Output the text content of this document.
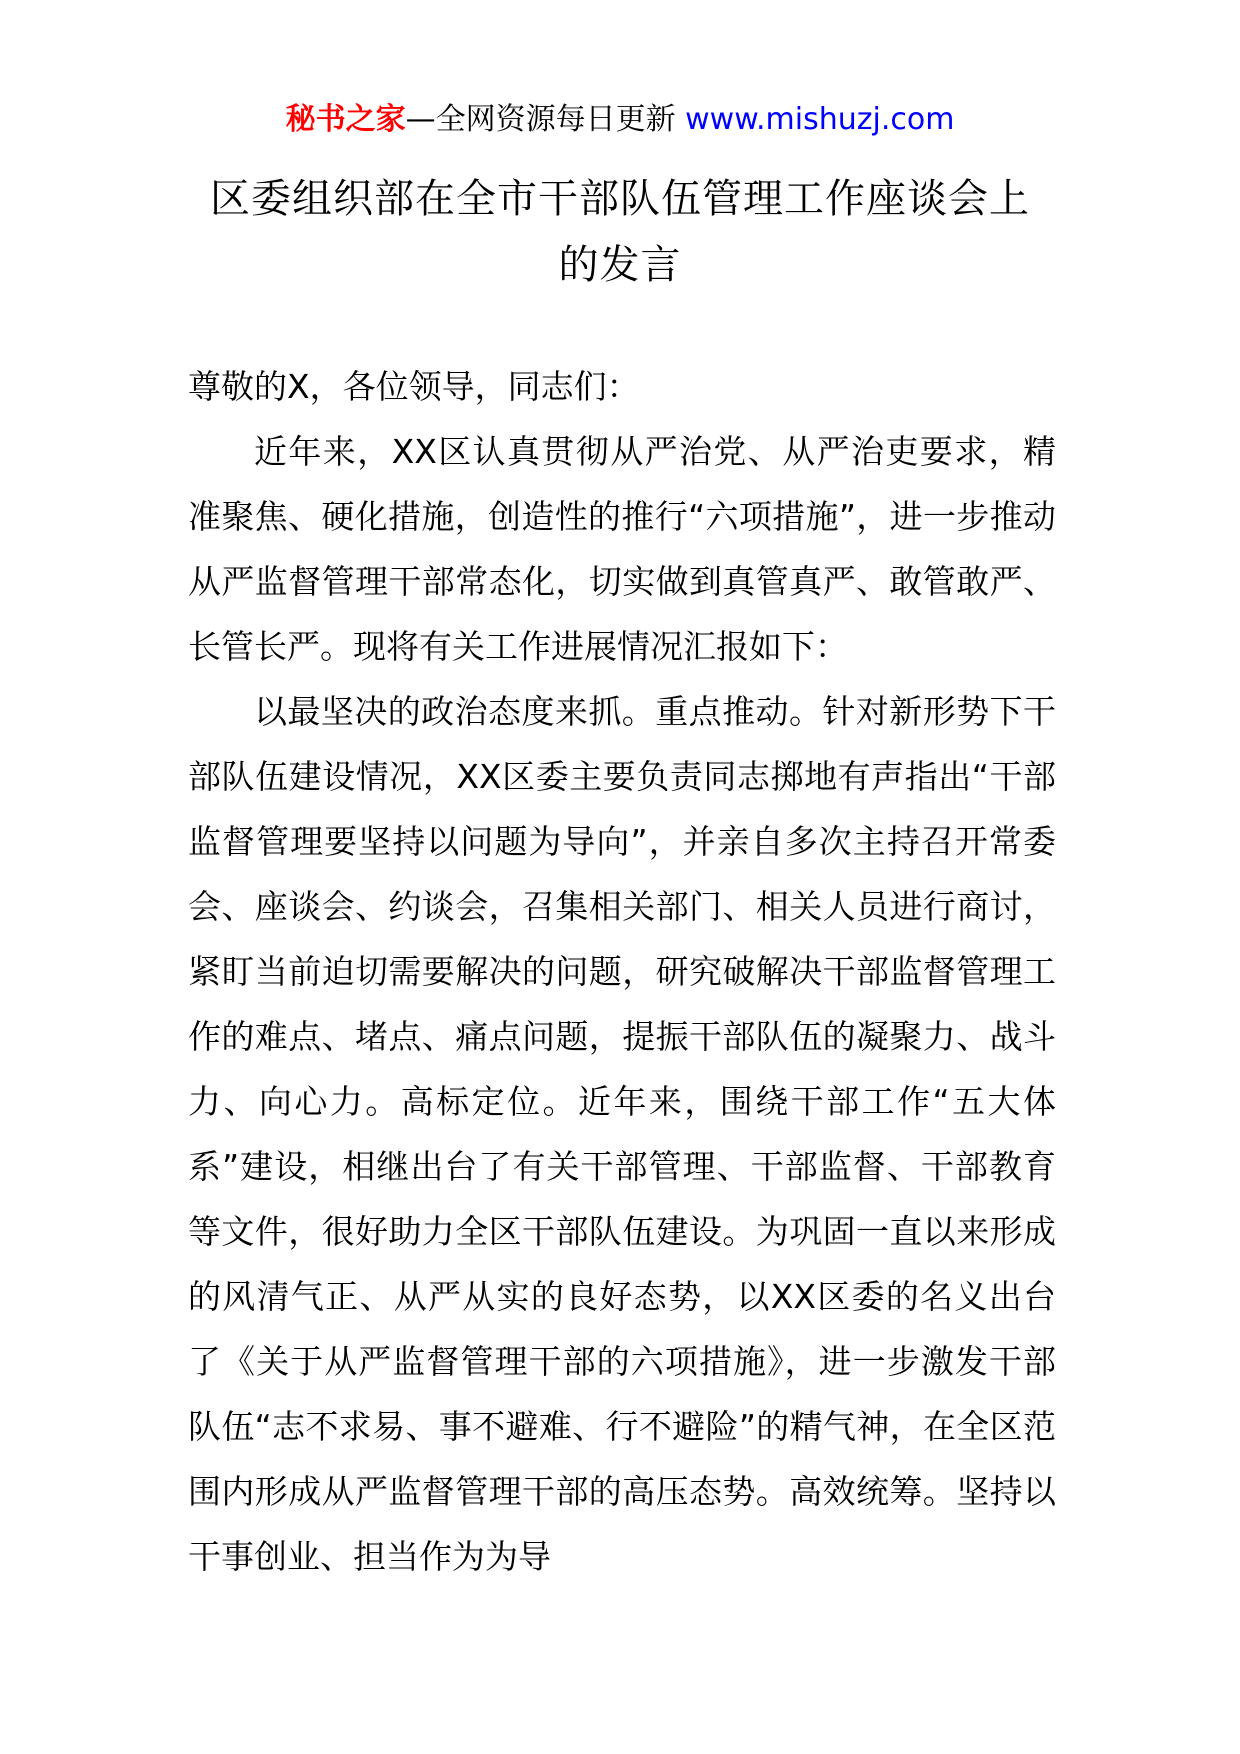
秘书之家—全网资源每日更新 www.mishuzj.com
区委组织部在全市干部队伍管理工作座谈会上的发言

尊敬的X，各位领导，同志们：

近年来，XX区认真贯彻从严治党、从严治吏要求，精准聚焦、硬化措施，创造性的推行“六项措施”，进一步推动从严监督管理干部常态化，切实做到真管真严、敢管敢严、长管长严。现将有关工作进展情况汇报如下：

以最坚决的政治态度来抓。重点推动。针对新形势下干部队伍建设情况，XX区委主要负责同志掷地有声指出“干部监督管理要坚持以问题为导向”，并亲自多次主持召开常委会、座谈会、约谈会，召集相关部门、相关人员进行商讨，紧盯当前迫切需要解决的问题，研究破解决干部监督管理工作的难点、堵点、痛点问题，提振干部队伍的凝聚力、战斗力、向心力。高标定位。近年来，围绕干部工作“五大体系”建设，相继出台了有关干部管理、干部监督、干部教育等文件，很好助力全区干部队伍建设。为巩固一直以来形成的风清气正、从严从实的良好态势，以XX区委的名义出台了《关于从严监督管理干部的六项措施》，进一步激发干部队伍“志不求易、事不避难、行不避险”的精气神，在全区范围内形成从严监督管理干部的高压态势。高效统筹。坚持以干事创业、担当作为为导
